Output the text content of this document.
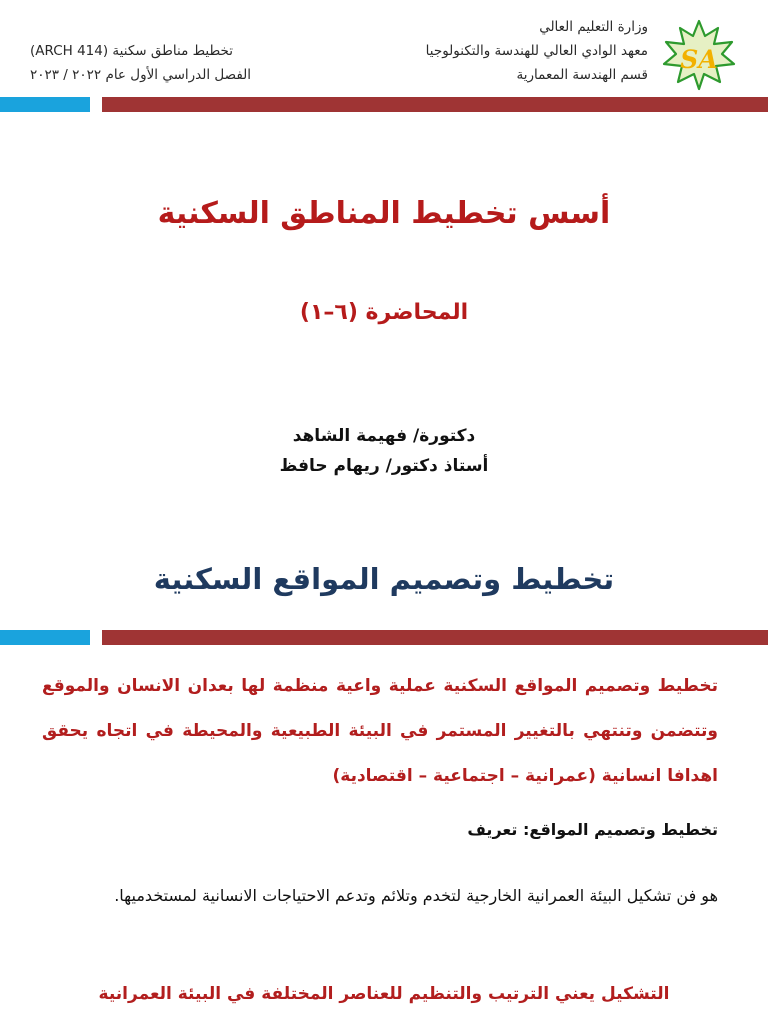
SA
وزارة التعليم العالي
معهد الوادي العالي للهندسة والتكنولوجيا
قسم الهندسة المعمارية
تخطيط مناطق سكنية (ARCH 414)
الفصل الدراسي الأول عام ٢٠٢٢ / ٢٠٢٣
أسس تخطيط المناطق السكنية
المحاضرة (٦–١)
دكتورة/ فهيمة الشاهد
أستاذ دكتور/ ريهام حافظ
تخطيط وتصميم المواقع السكنية
تخطيط وتصميم المواقع السكنية عملية واعية منظمة لها بعدان الانسان والموقع وتتضمن وتنتهي بالتغيير المستمر في البيئة الطبيعية والمحيطة في اتجاه يحقق اهدافا انسانية (عمرانية – اجتماعية – اقتصادية)
تخطيط وتصميم المواقع: تعريف
هو فن تشكيل البيئة العمرانية الخارجية لتخدم وتلائم وتدعم الاحتياجات الانسانية لمستخدميها.
التشكيل يعني الترتيب والتنظيم للعناصر المختلفة في البيئة العمرانية
